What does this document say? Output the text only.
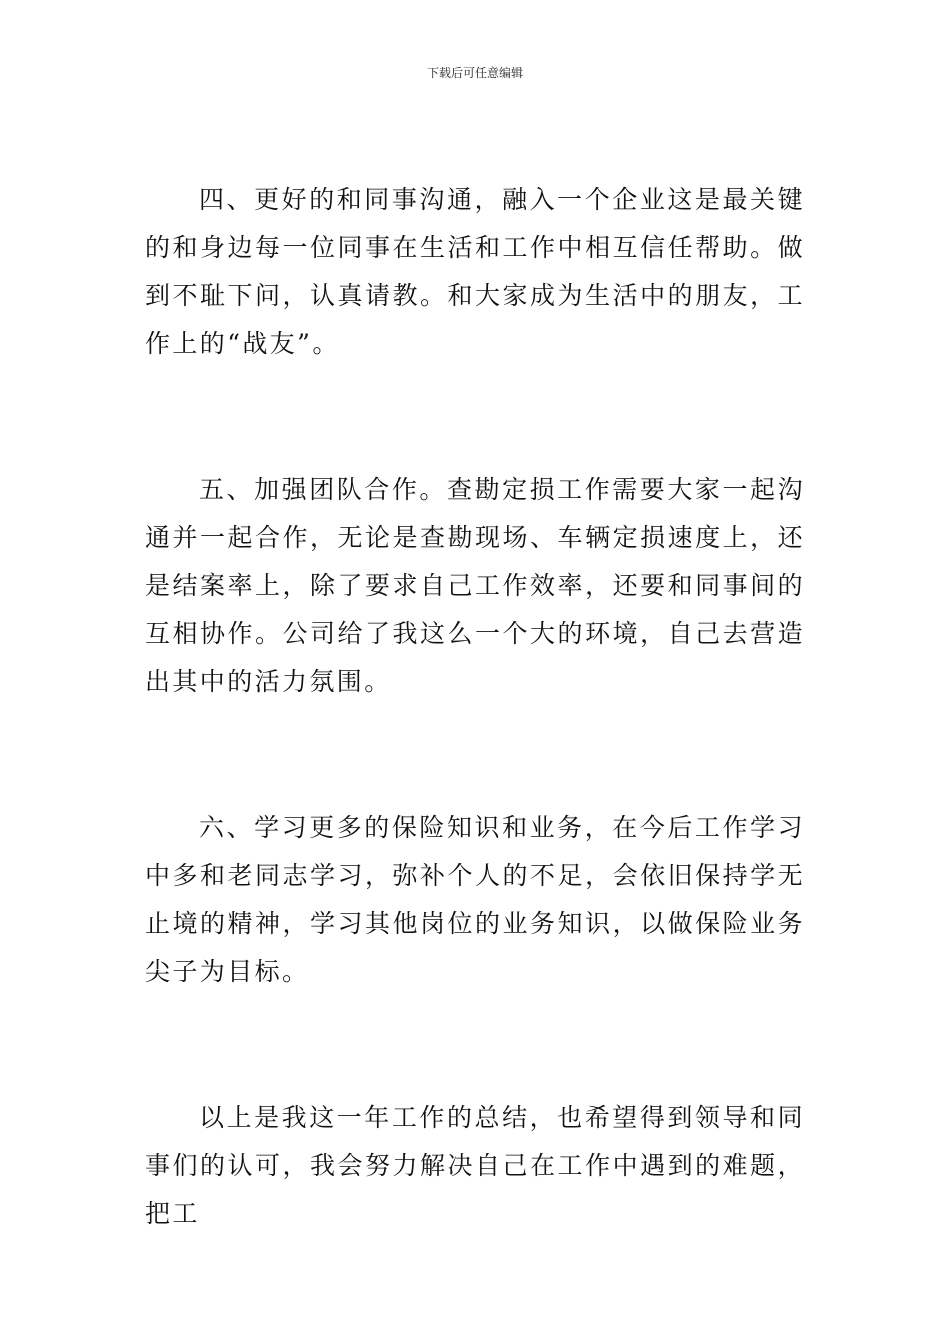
下载后可任意编辑

四、更好的和同事沟通，融入一个企业这是最关键的和身边每一位同事在生活和工作中相互信任帮助。做到不耻下问，认真请教。和大家成为生活中的朋友，工作上的“战友”。

五、加强团队合作。查勘定损工作需要大家一起沟通并一起合作，无论是查勘现场、车辆定损速度上，还是结案率上，除了要求自己工作效率，还要和同事间的互相协作。公司给了我这么一个大的环境，自己去营造出其中的活力氛围。

六、学习更多的保险知识和业务，在今后工作学习中多和老同志学习，弥补个人的不足，会依旧保持学无止境的精神，学习其他岗位的业务知识，以做保险业务尖子为目标。

以上是我这一年工作的总结，也希望得到领导和同事们的认可，我会努力解决自己在工作中遇到的难题，把工
